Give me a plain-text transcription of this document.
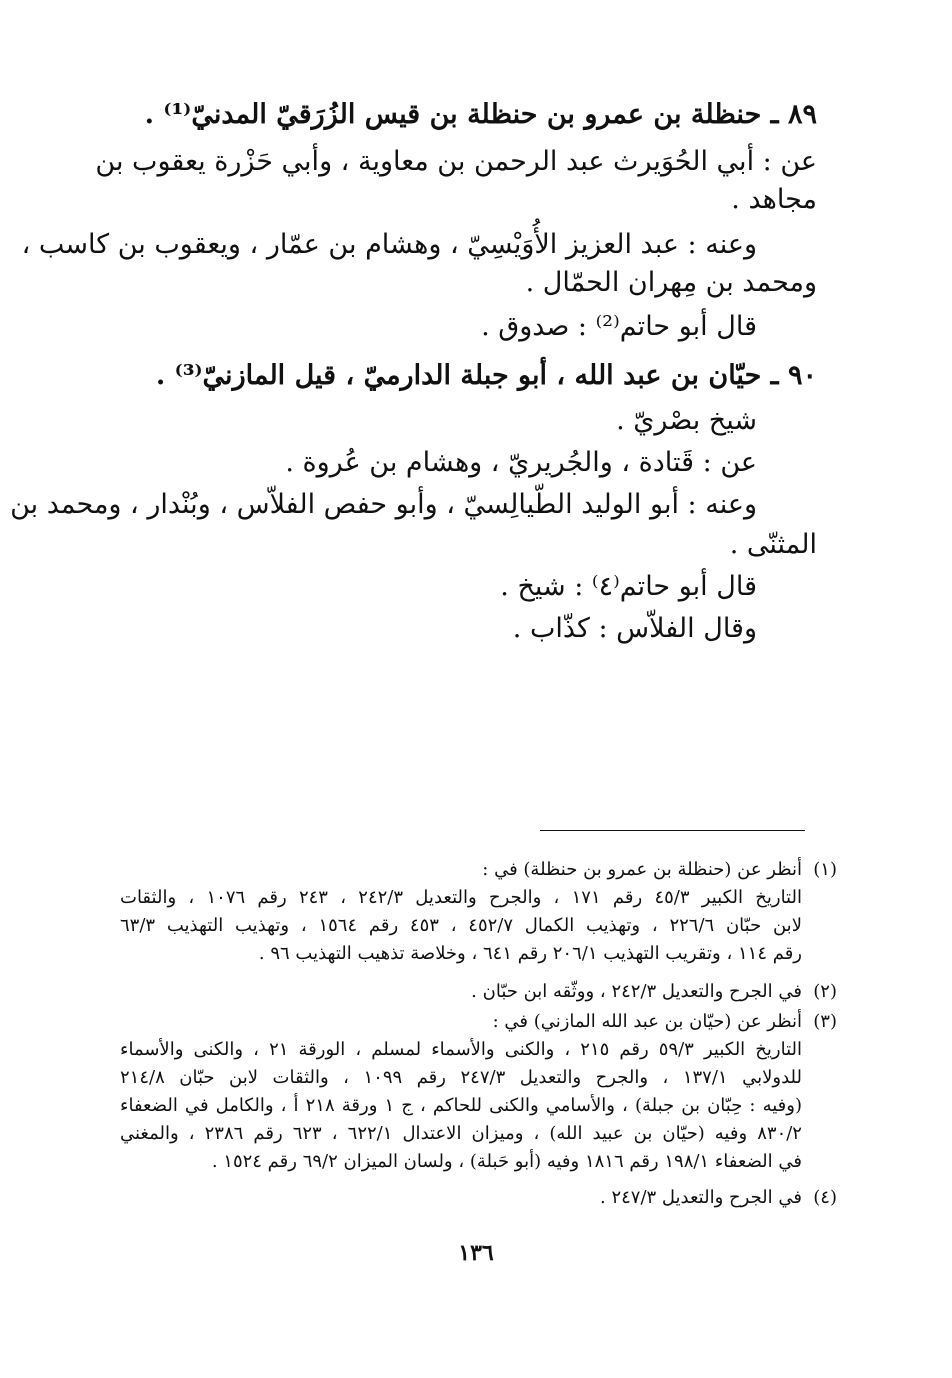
٨٩ ـ حنظلة بن عمرو بن حنظلة بن قيس الزُرَقيّ المدنيّ⁽¹⁾ .
عن : أبي الحُوَيرث عبد الرحمن بن معاوية ، وأبي حَزْرة يعقوب بن
مجاهد .
وعنه : عبد العزيز الأُوَيْسِيّ ، وهشام بن عمّار ، ويعقوب بن كاسب ،
ومحمد بن مِهران الحمّال .
قال أبو حاتم⁽²⁾ : صدوق .
٩٠ ـ حيّان بن عبد الله ، أبو جبلة الدارميّ ، قيل المازنيّ⁽³⁾ .
شيخ بصْريّ .
عن : قَتادة ، والجُريريّ ، وهشام بن عُروة .
وعنه : أبو الوليد الطّيالِسيّ ، وأبو حفص الفلاّس ، وبُنْدار ، ومحمد بن
المثنّى .
قال أبو حاتم⁽٤⁾ : شيخ .
وقال الفلاّس : كذّاب .
(١)
أنظر عن (حنظلة بن عمرو بن حنظلة) في :
التاريخ الكبير ٤٥/٣ رقم ١٧١ ، والجرح والتعديل ٢٤٢/٣ ، ٢٤٣ رقم ١٠٧٦ ، والثقات
لابن حبّان ٢٢٦/٦ ، وتهذيب الكمال ٤٥٢/٧ ، ٤٥٣ رقم ١٥٦٤ ، وتهذيب التهذيب ٦٣/٣
رقم ١١٤ ، وتقريب التهذيب ٢٠٦/١ رقم ٦٤١ ، وخلاصة تذهيب التهذيب ٩٦ .
(٢)
في الجرح والتعديل ٢٤٢/٣ ، ووثّقه ابن حبّان .
(٣)
أنظر عن (حيّان بن عبد الله المازني) في :
التاريخ الكبير ٥٩/٣ رقم ٢١٥ ، والكنى والأسماء لمسلم ، الورقة ٢١ ، والكنى والأسماء
للدولابي ١٣٧/١ ، والجرح والتعديل ٢٤٧/٣ رقم ١٠٩٩ ، والثقات لابن حبّان ٢١٤/٨
(وفيه : حِبّان بن جبلة) ، والأسامي والكنى للحاكم ، ج ١ ورقة ٢١٨ أ ، والكامل في الضعفاء
٨٣٠/٢ وفيه (حيّان بن عبيد الله) ، وميزان الاعتدال ٦٢٢/١ ، ٦٢٣ رقم ٢٣٨٦ ، والمغني
في الضعفاء ١٩٨/١ رقم ١٨١٦ وفيه (أبو حَبلة) ، ولسان الميزان ٦٩/٢ رقم ١٥٢٤ .
(٤)
في الجرح والتعديل ٢٤٧/٣ .
١٣٦
